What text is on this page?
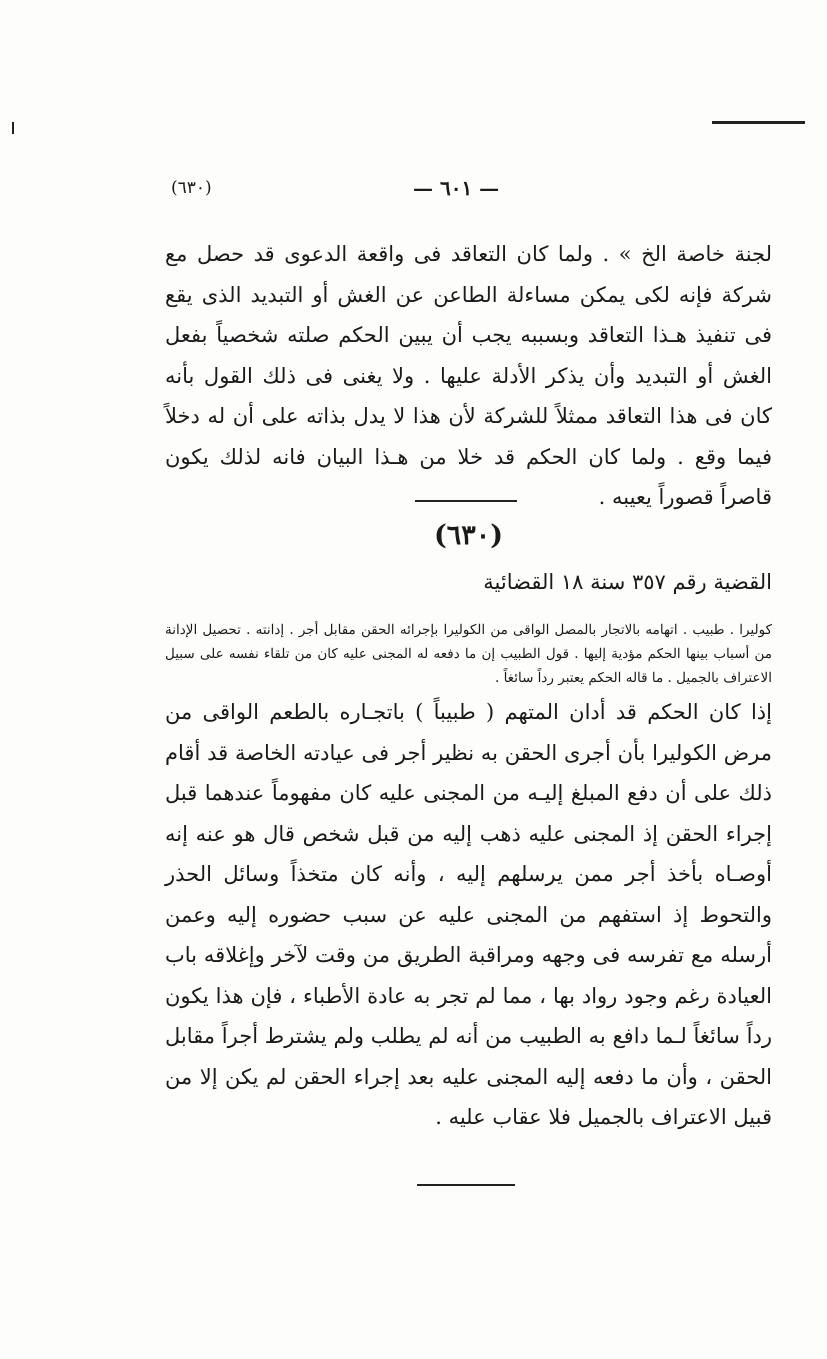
(٦٣٠)	— ٦٠١ —

لجنة خاصة الخ » . ولما كان التعاقد فى واقعة الدعوى قد حصل مع شركة فإنه لكى يمكن مساءلة الطاعن عن الغش أو التبديد الذى يقع فى تنفيذ هـذا التعاقد وبسببه يجب أن يبين الحكم صلته شخصياً بفعل الغش أو التبديد وأن يذكر الأدلة عليها . ولا يغنى فى ذلك القول بأنه كان فى هذا التعاقد ممثلاً للشركة لأن هذا لا يدل بذاته على أن له دخلاً فيما وقع . ولما كان الحكم قد خلا من هـذا البيان فانه لذلك يكون قاصراً قصوراً يعيبه .

(٦٣٠)
القضية رقم ٣٥٧ سنة ١٨ القضائية

كوليرا . طبيب . اتهامه بالاتجار بالمصل الواقى من الكوليرا بإجرائه الحقن مقابل أجر . إدانته . تحصيل الإدانة من أسباب بينها الحكم مؤدية إليها . قول الطبيب إن ما دفعه له المجنى عليه كان من تلقاء نفسه على سبيل الاعتراف بالجميل . ما قاله الحكم يعتبر رداً سائغاً .

إذا كان الحكم قد أدان المتهم ( طبيباً ) باتجـاره بالطعم الواقى من مرض الكوليرا بأن أجرى الحقن به نظير أجر فى عيادته الخاصة قد أقام ذلك على أن دفع المبلغ إليـه من المجنى عليه كان مفهوماً عندهما قبل إجراء الحقن إذ المجنى عليه ذهب إليه من قبل شخص قال هو عنه إنه أوصـاه بأخذ أجر ممن يرسلهم إليه ، وأنه كان متخذاً وسائل الحذر والتحوط إذ استفهم من المجنى عليه عن سبب حضوره إليه وعمن أرسله مع تفرسه فى وجهه ومراقبة الطريق من وقت لآخر وإغلاقه باب العيادة رغم وجود رواد بها ، مما لم تجر به عادة الأطباء ، فإن هذا يكون رداً سائغاً لـما دافع به الطبيب من أنه لم يطلب ولم يشترط أجراً مقابل الحقن ، وأن ما دفعه إليه المجنى عليه بعد إجراء الحقن لم يكن إلا من قبيل الاعتراف بالجميل فلا عقاب عليه .
